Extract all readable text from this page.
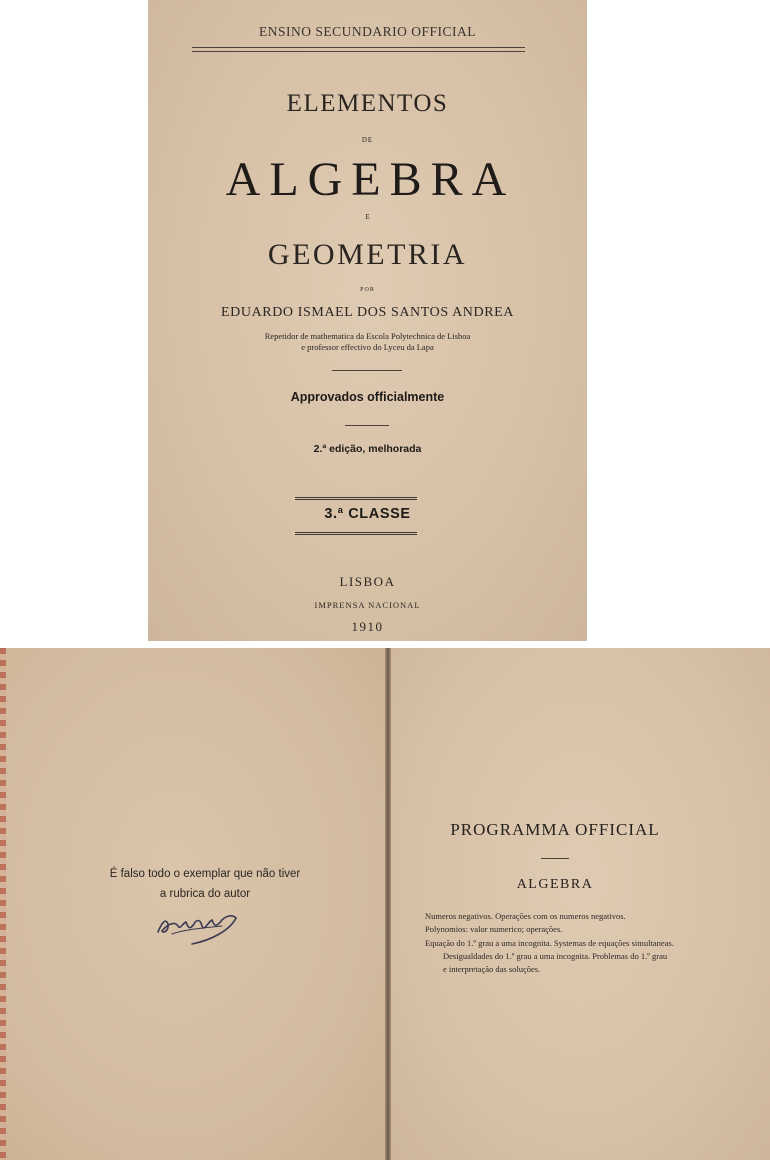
ENSINO SECUNDARIO OFFICIAL
ELEMENTOS
DE
ALGEBRA
E
GEOMETRIA
POR
EDUARDO ISMAEL DOS SANTOS ANDREA
Repetidor de mathematica da Escola Polytechnica de Lisboa
e professor effectivo do Lyceu da Lapa
Approvados officialmente
2.ª edição, melhorada
3.ª CLASSE
LISBOA
IMPRENSA NACIONAL
1910
É falso todo o exemplar que não tiver
a rubrica do autor
PROGRAMMA OFFICIAL
ALGEBRA
Numeros negativos. Operações com os numeros negativos.
Polynomios: valor numerico; operações.
Equação do 1.º grau a uma incognita. Systemas de equações simultaneas.
Desigualdades do 1.º grau a uma incognita. Problemas do 1.º grau
e interpretação das soluções.
